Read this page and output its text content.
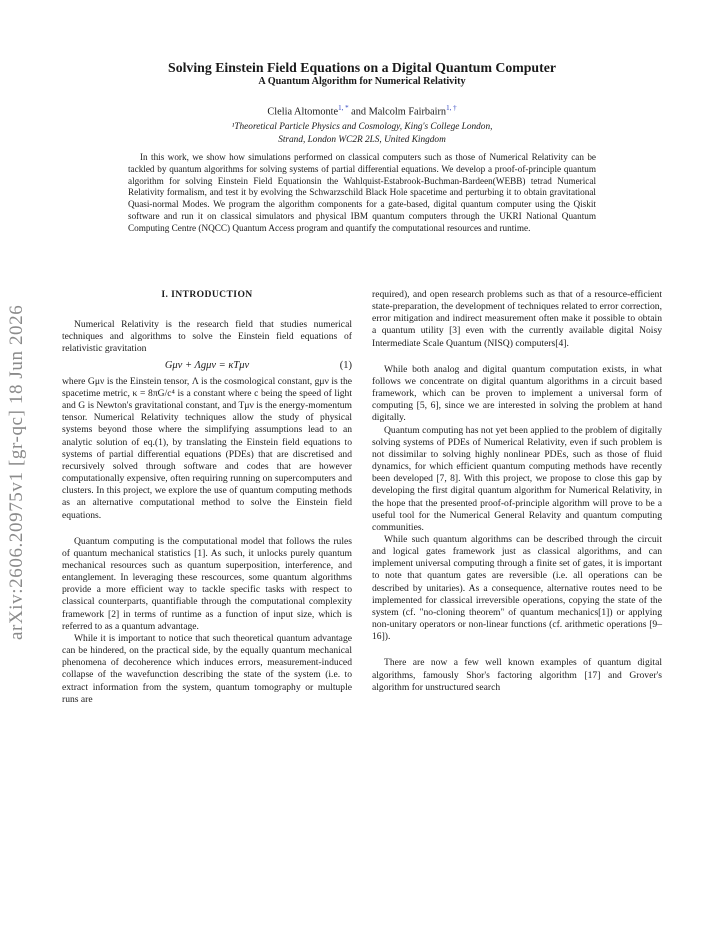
arXiv:2606.20975v1 [gr-qc] 18 Jun 2026
Solving Einstein Field Equations on a Digital Quantum Computer
A Quantum Algorithm for Numerical Relativity
Clelia Altomonte$^{1, *}$ and Malcolm Fairbairn$^{1, \dagger}$
¹Theoretical Particle Physics and Cosmology, King's College London,
Strand, London WC2R 2LS, United Kingdom

In this work, we show how simulations performed on classical computers such as those of Numerical Relativity can be tackled by quantum algorithms for solving systems of partial differential equations. We develop a proof-of-principle quantum algorithm for solving Einstein Field Equationsin the Wahlquist-Estabrook-Buchman-Bardeen(WEBB) tetrad Numerical Relativity formalism, and test it by evolving the Schwarzschild Black Hole spacetime and perturbing it to obtain gravitational Quasi-normal Modes. We program the algorithm components for a gate-based, digital quantum computer using the Qiskit software and run it on classical simulators and physical IBM quantum computers through the UKRI National Quantum Computing Centre (NQCC) Quantum Access program and quantify the computational resources and runtime.

I. INTRODUCTION

Numerical Relativity is the research field that studies numerical techniques and algorithms to solve the Einstein field equations of relativistic gravitation

Gμν + Λgμν = κTμν	(1)

where Gμν is the Einstein tensor, Λ is the cosmological constant, gμν is the spacetime metric, κ = 8πG/c⁴ is a constant where c being the speed of light and G is Newton's gravitational constant, and Tμν is the energy-momentum tensor. Numerical Relativity techniques allow the study of physical systems beyond those where the simplifying assumptions lead to an analytic solution of eq.(1), by translating the Einstein field equations to systems of partial differential equations (PDEs) that are discretised and recursively solved through software and codes that are however computationally expensive, often requiring running on supercomputers and clusters. In this project, we explore the use of quantum computing methods as an alternative computational method to solve the Einstein field equations.

Quantum computing is the computational model that follows the rules of quantum mechanical statistics [1]. As such, it unlocks purely quantum mechanical resources such as quantum superposition, interference, and entanglement. In leveraging these rescources, some quantum algorithms provide a more efficient way to tackle specific tasks with respect to classical counterparts, quantifiable through the computational complexity framework [2] in terms of runtime as a function of input size, which is referred to as a quantum advantage.

While it is important to notice that such theoretical quantum advantage can be hindered, on the practical side, by the equally quantum mechanical phenomena of decoherence which induces errors, measurement-induced collapse of the wavefunction describing the state of the system (i.e. to extract information from the system, quantum tomography or multuple runs are

required), and open research problems such as that of a resource-efficient state-preparation, the development of techniques related to error correction, error mitigation and indirect measurement often make it possible to obtain a quantum utility [3] even with the currently available digital Noisy Intermediate Scale Quantum (NISQ) computers[4].

While both analog and digital quantum computation exists, in what follows we concentrate on digital quantum algorithms in a circuit based framework, which can be proven to implement a universal form of computing [5, 6], since we are interested in solving the problem at hand digitally.

Quantum computing has not yet been applied to the problem of digitally solving systems of PDEs of Numerical Relativity, even if such problem is not dissimilar to solving highly nonlinear PDEs, such as those of fluid dynamics, for which efficient quantum computing methods have recently been developed [7, 8]. With this project, we propose to close this gap by developing the first digital quantum algorithm for Numerical Relativity, in the hope that the presented proof-of-principle algorithm will prove to be a useful tool for the Numerical General Relavity and quantum computing communities.

While such quantum algorithms can be described through the circuit and logical gates framework just as classical algorithms, and can implement universal computing through a finite set of gates, it is important to note that quantum gates are reversible (i.e. all operations can be described by unitaries). As a consequence, alternative routes need to be implemented for classical irreversible operations, copying the state of the system (cf. "no-cloning theorem" of quantum mechanics[1]) or applying non-unitary operators or non-linear functions (cf. arithmetic operations [9–16]).

There are now a few well known examples of quantum digital algorithms, famously Shor's factoring algorithm [17] and Grover's algorithm for unstructured search
